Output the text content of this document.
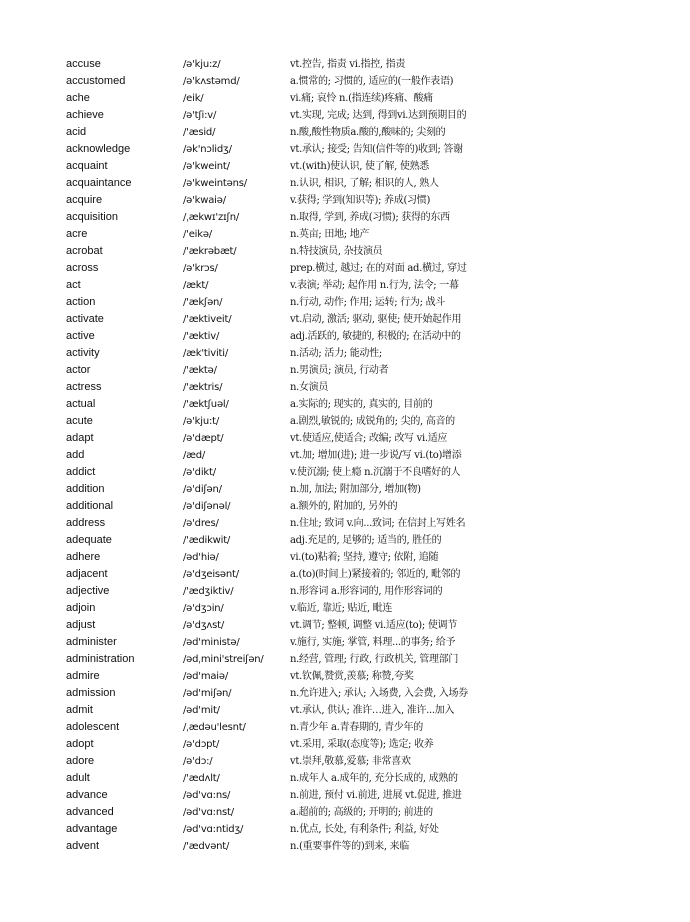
accuse	/ə'kju:z/	vt.控告, 指责 vi.指控, 指责
accustomed	/ə'kʌstəmd/	a.惯常的; 习惯的, 适应的(一般作表语)
ache	/eik/	vi.痛; 哀怜 n.(指连续)疼痛、酸痛
achieve	/ə'tʃi:v/	vt.实现, 完成; 达到, 得到vi.达到预期目的
acid	/'æsid/	n.酸,酸性物质a.酸的,酸味的; 尖刻的
acknowledge	/ək'nɔlidʒ/	vt.承认; 接受; 告知(信件等的)收到; 答谢
acquaint	/ə'kweint/	vt.(with)使认识, 使了解, 使熟悉
acquaintance	/ə'kweintəns/	n.认识, 相识, 了解; 相识的人, 熟人
acquire	/ə'kwaiə/	v.获得; 学到(知识等); 养成(习惯)
acquisition	/ˌækwɪ'zɪʃn/	n.取得, 学到, 养成(习惯); 获得的东西
acre	/'eikə/	n.英亩; 田地; 地产
acrobat	/'ækrəbæt/	n.特技演员, 杂技演员
across	/ə'krɔs/	prep.横过, 越过; 在的对面 ad.横过, 穿过
act	/ækt/	v.表演; 举动; 起作用 n.行为, 法令; 一幕
action	/'ækʃən/	n.行动, 动作; 作用; 运转; 行为; 战斗
activate	/'æktiveit/	vt.启动, 激活; 驱动, 驱使; 使开始起作用
active	/'æktiv/	adj.活跃的, 敏捷的, 积极的; 在活动中的
activity	/æk'tiviti/	n.活动; 活力; 能动性;
actor	/'æktə/	n.男演员; 演员, 行动者
actress	/'æktris/	n.女演员
actual	/'æktʃuəl/	a.实际的; 现实的, 真实的, 目前的
acute	/ə'kju:t/	a.剧烈,敏锐的; 成锐角的; 尖的, 高音的
adapt	/ə'dæpt/	vt.使适应,使适合; 改编; 改写 vi.适应
add	/æd/	vt.加; 增加(进); 进一步说/写 vi.(to)增添
addict	/ə'dikt/	v.使沉溺; 使上瘾 n.沉溺于不良嗜好的人
addition	/ə'diʃən/	n.加, 加法; 附加部分, 增加(物)
additional	/ə'diʃənəl/	a.额外的, 附加的, 另外的
address	/ə'dres/	n.住址; 致词 v.向...致词; 在信封上写姓名
adequate	/'ædikwit/	adj.充足的, 足够的; 适当的, 胜任的
adhere	/əd'hiə/	vi.(to)粘着; 坚持, 遵守; 依附, 追随
adjacent	/ə'dʒeisənt/	a.(to)(时间上)紧接着的; 邻近的, 毗邻的
adjective	/'ædʒiktiv/	n.形容词 a.形容词的, 用作形容词的
adjoin	/ə'dʒɔin/	v.临近, 靠近; 贴近, 毗连
adjust	/ə'dʒʌst/	vt.调节; 整顿, 调整 vi.适应(to); 使调节
administer	/əd'ministə/	v.施行, 实施; 掌管, 料理...的事务; 给予
administration	/ədˌmini'streiʃən/	n.经营, 管理; 行政, 行政机关, 管理部门
admire	/əd'maiə/	vt.钦佩,赞赏,羡慕; 称赞,夸奖
admission	/əd'miʃən/	n.允许进入; 承认; 入场费, 入会费, 入场券
admit	/əd'mit/	vt.承认, 供认; 准许…进入, 准许...加入
adolescent	/ˌædəu'lesnt/	n.青少年 a.青春期的, 青少年的
adopt	/ə'dɔpt/	vt.采用, 采取(态度等); 选定; 收养
adore	/ə'dɔ:/	vt.崇拜,敬慕,爱慕; 非常喜欢
adult	/'ædʌlt/	n.成年人 a.成年的, 充分长成的, 成熟的
advance	/əd'vɑ:ns/	n.前进, 预付 vi.前进, 进展 vt.促进, 推进
advanced	/əd'vɑ:nst/	a.超前的; 高级的; 开明的; 前进的
advantage	/əd'vɑ:ntidʒ/	n.优点, 长处, 有利条件; 利益, 好处
advent	/'ædvənt/	n.(重要事件等的)到来, 来临
